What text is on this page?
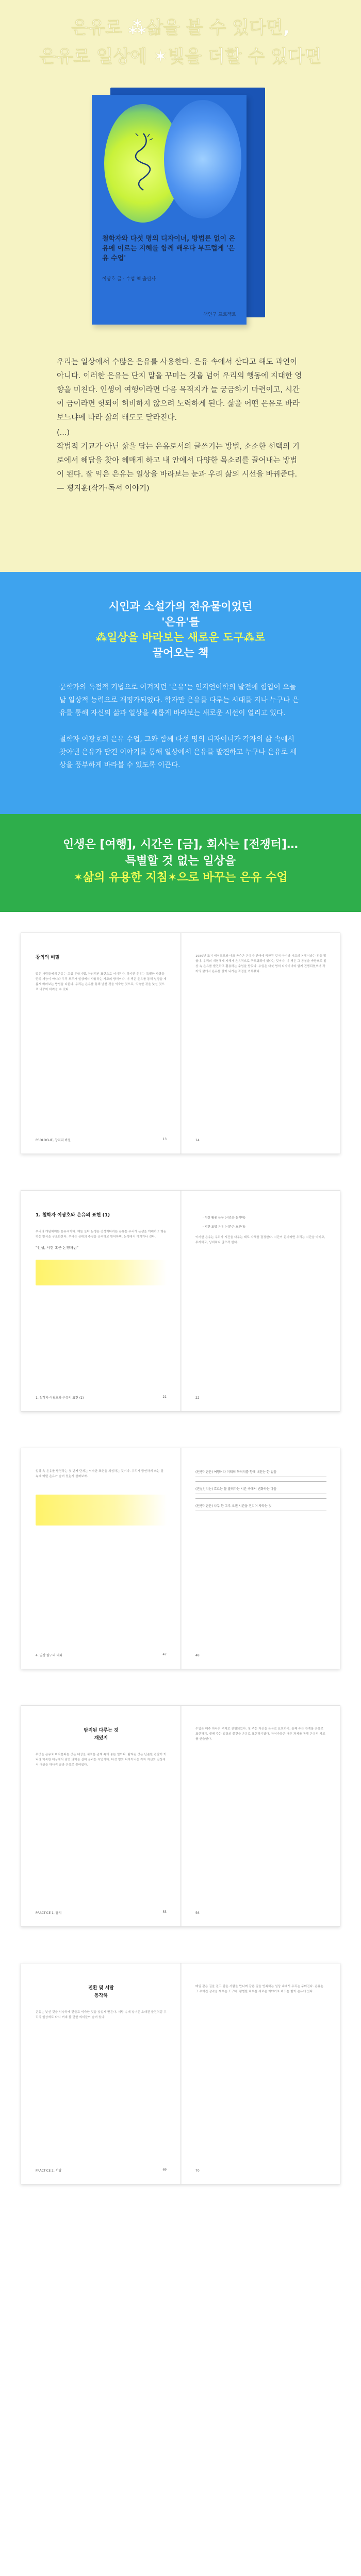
은유로 ⁂삶을 볼 수 있다면,
은유로 일상에 ✶빛을 더할 수 있다면
철학자와 다섯 명의 디자이너, 방법론 없이 은유에 이르는 지혜를 함께 배우다 부드럽게 '은유 수업'
이광호 글 · 수업 책 출판사
책연구 프로젝트

우리는 일상에서 수많은 은유를 사용한다. 은유 속에서 산다고 해도 과언이 아니다. 이러한 은유는 단지 말을 꾸미는 것을 넘어 우리의 행동에 지대한 영향을 미친다. 인생이 여행이라면 다음 목적지가 늘 궁금하기 마련이고, 시간이 금이라면 헛되이 허비하지 않으려 노력하게 된다. 삶을 어떤 은유로 바라보느냐에 따라 삶의 태도도 달라진다.

(...)

작법적 기교가 아닌 삶을 담는 은유로서의 글쓰기는 방법, 소소한 선택의 기로에서 해답을 찾아 헤매게 하고 내 안에서 다양한 목소리를 끌어내는 방법이 된다. 잘 익은 은유는 일상을 바라보는 눈과 우리 삶의 시선을 바꿔준다.

— 평지훈(작가·독서 이야기)

시인과 소설가의 전유물이었던
'은유'를
⁂일상을 바라보는 새로운 도구⁂로
끌어오는 책

문학가의 독점적 기법으로 여겨지던 '은유'는 인지언어학의 발전에 힘입어 오늘날 일상적 능력으로 재평가되었다. 학자만 은유를 다루는 시대를 지나 누구나 은유를 통해 자신의 삶과 일상을 새롭게 바라보는 새로운 시선이 열리고 있다.

철학자 이광호의 은유 수업, 그와 함께 다섯 명의 디자이너가 각자의 삶 속에서 찾아낸 은유가 담긴 이야기를 통해 일상에서 은유를 발견하고 누구나 은유로 세상을 풍부하게 바라볼 수 있도록 이끈다.

인생은 [여행], 시간은 [금], 회사는 [전쟁터]…
특별할 것 없는 일상을
✶삶의 유용한 지침✶으로 바꾸는 은유 수업
창의의 비밀
많은 사람들에게 은유는 고급 문학기법, 창의적인 표현으로 여겨진다. 하지만 은유는 특별한 사람들만의 재능이 아니라 우리 모두가 일상에서 사용하는 사고의 방식이다. 이 책은 은유를 통해 일상을 새롭게 바라보는 방법을 다룬다. 우리는 은유를 통해 낯선 것을 익숙한 것으로, 익숙한 것을 낯선 것으로 바꾸어 바라볼 수 있다.
PROLOGUE, 창의의 비밀	13
1980년 조지 레이코프와 마크 존슨은 은유가 언어에 국한된 것이 아니라 사고의 본질이라는 점을 밝혔다. 우리의 개념체계 자체가 은유적으로 구조화되어 있다는 것이다. 이 책은 그 통찰을 바탕으로 일상 속 은유를 발견하고 활용하는 수업을 담았다. 수업은 다섯 명의 디자이너와 함께 진행되었으며 각자의 삶에서 은유를 찾아 나가는 과정을 기록했다.
14
1. 철학자 이광호와 은유의 표현 (1)
우리의 개념체계는 은유적이다. 예를 들어 논쟁은 전쟁이다라는 은유는 우리가 논쟁을 이해하고 행동하는 방식을 구조화한다. 우리는 상대의 주장을 공격하고 방어하며, 논쟁에서 이기거나 진다.
"인생, 시간 혹은 논쟁처럼"
1. 철학자 이광호와 은유의 표현 (1)	21
· 시간 활용 은유 (시간은 돈이다)
· 시간 조망 은유 (시간은 흐른다)
이러한 은유는 우리가 시간을 다루는 태도 자체를 결정한다. 시간이 돈이라면 우리는 시간을 아끼고, 투자하고, 낭비하지 않으려 한다.
22
일상 속 은유를 발견하는 첫 번째 단계는 익숙한 표현을 의심하는 것이다. 우리가 당연하게 쓰는 말 속에 어떤 은유가 숨어 있는지 살펴보자.
4. 일상 탐구의 대화	47
(인생이란은) 여행이다 미래의 목적지를 향해 내딛는 한 걸음
(진실인지는) 흐르는 물 흘러가는 시간 속에서 변화하는 마음
(인생이란은) 나무 한 그루 오랜 시간을 견디며 자라는 것
48
탐지된 다루는 것
재밌지
무엇을 은유로 바라본다는 것은 대상을 새로운 관계 속에 놓는 일이다. 탐지된 것은 단순한 관찰이 아니라 익숙한 대상에서 낯선 의미를 길어 올리는 작업이다. 다섯 명의 디자이너는 각자 자신의 일상에서 대상을 하나씩 골라 은유로 풀어냈다.
PRACTICE 1, 탐지	55
수업은 매주 하나의 주제로 진행되었다. 첫 주는 자신을 은유로 표현하기, 둘째 주는 관계를 은유로 표현하기, 셋째 주는 일상의 물건을 은유로 표현하기였다. 참여자들은 매주 과제를 통해 은유적 사고를 연습했다.
56
전환 및 서랍
동작하
은유는 낯선 것을 익숙하게 만들고 익숙한 것을 낯설게 만든다. 서랍 속에 넣어둔 오래된 물건처럼 우리의 일상에도 다시 꺼내 볼 만한 의미들이 숨어 있다.
PRACTICE 2, 서랍	69
매일 같은 길을 걷고 같은 사람을 만나며 같은 일을 반복하는 일상 속에서 우리는 무뎌진다. 은유는 그 무뎌진 감각을 깨우는 도구다. 평범한 하루를 새로운 이야기로 바꾸는 힘이 은유에 있다.
70
